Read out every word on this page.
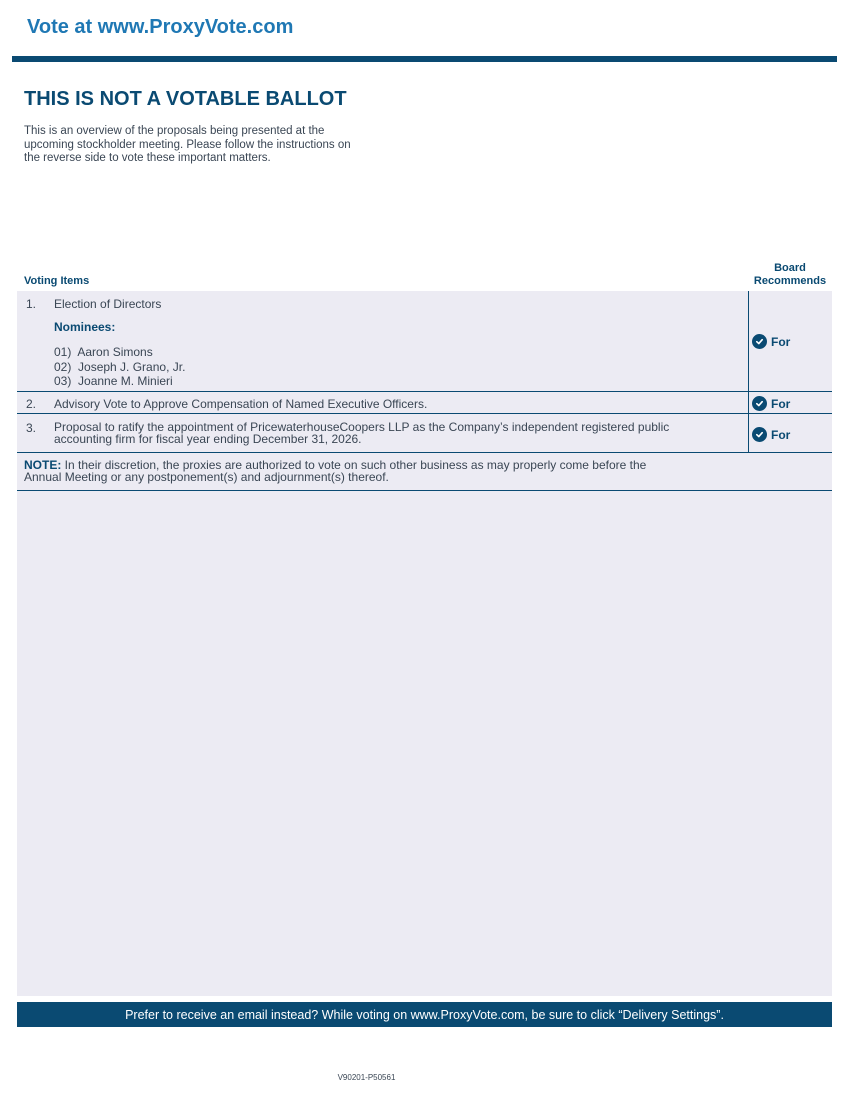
Vote at www.ProxyVote.com
THIS IS NOT A VOTABLE BALLOT

This is an overview of the proposals being presented at the
upcoming stockholder meeting. Please follow the instructions on
the reverse side to vote these important matters.

Board
Recommends
Voting Items
1. Election of Directors
Nominees:
01) Aaron Simons
02) Joseph J. Grano, Jr.
03) Joanne M. Minieri
For
2. Advisory Vote to Approve Compensation of Named Executive Officers.	For
3. Proposal to ratify the appointment of PricewaterhouseCoopers LLP as the Company’s independent registered public
accounting firm for fiscal year ending December 31, 2026.	For
NOTE: In their discretion, the proxies are authorized to vote on such other business as may properly come before the
Annual Meeting or any postponement(s) and adjournment(s) thereof.
Prefer to receive an email instead? While voting on www.ProxyVote.com, be sure to click “Delivery Settings”.
V90201-P50561
